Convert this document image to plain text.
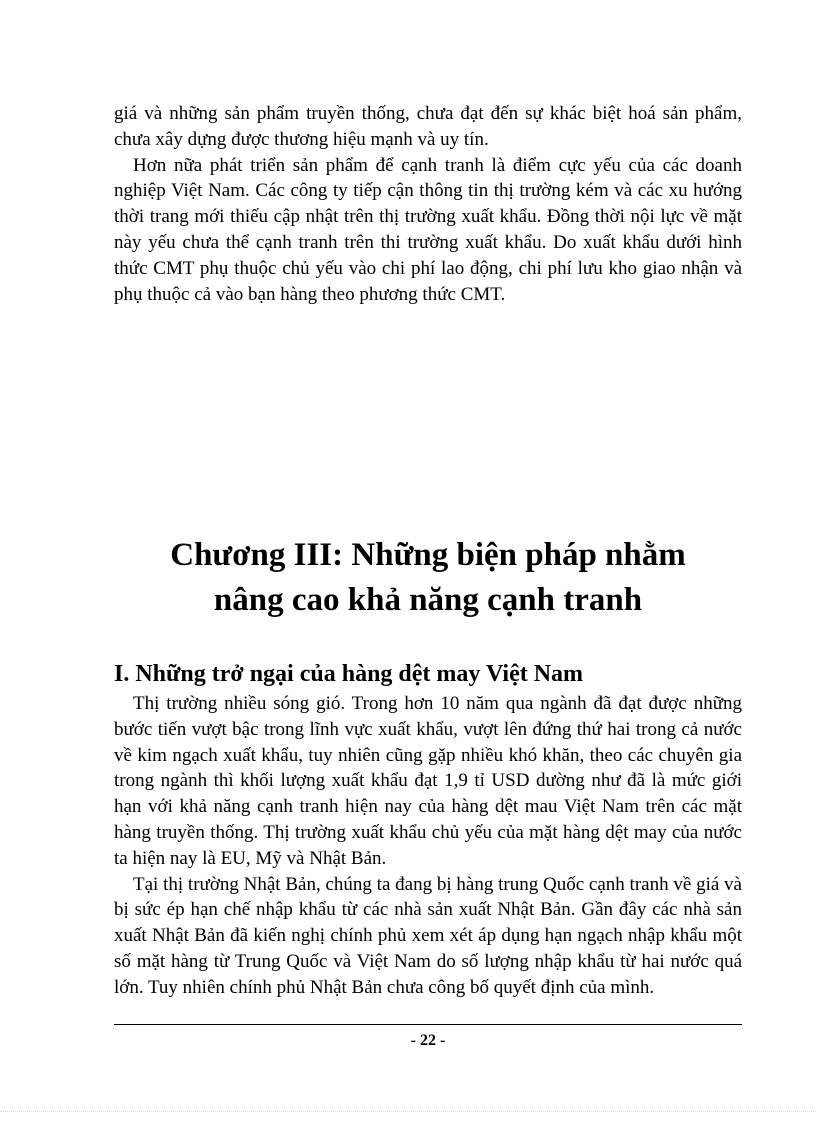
giá và những sản phẩm truyền thống, chưa đạt đến sự khác biệt hoá sản phẩm, chưa xây dựng được thương hiệu mạnh và uy tín.

Hơn nữa phát triển sản phẩm để cạnh tranh là điểm cực yếu của các doanh nghiệp Việt Nam. Các công ty tiếp cận thông tin thị trường kém và các xu hướng thời trang mới thiếu cập nhật trên thị trường xuất khẩu. Đồng thời nội lực về mặt này yếu chưa thể cạnh tranh trên thi trường xuất khẩu. Do xuất khẩu dưới hình thức CMT phụ thuộc chủ yếu vào chi phí lao động, chi phí lưu kho giao nhận và phụ thuộc cả vào bạn hàng theo phương thức CMT.

Chương III: Những biện pháp nhằm
nâng cao khả năng cạnh tranh
I. Những trở ngại của hàng dệt may Việt Nam

Thị trường nhiều sóng gió. Trong hơn 10 năm qua ngành đã đạt được những bước tiến vượt bậc trong lĩnh vực xuất khẩu, vượt lên đứng thứ hai trong cả nước về kim ngạch xuất khẩu, tuy nhiên cũng gặp nhiều khó khăn, theo các chuyên gia trong ngành thì khối lượng xuất khẩu đạt 1,9 tỉ USD dường như đã là mức giới hạn với khả năng cạnh tranh hiện nay của hàng dệt mau Việt Nam trên các mặt hàng truyền thống. Thị trường xuất khẩu chủ yếu của mặt hàng dệt may của nước ta hiện nay là EU, Mỹ và Nhật Bản.

Tại thị trường Nhật Bản, chúng ta đang bị hàng trung Quốc cạnh tranh về giá và bị sức ép hạn chế nhập khẩu từ các nhà sản xuất Nhật Bản. Gần đây các nhà sản xuất Nhật Bản đã kiến nghị chính phủ xem xét áp dụng hạn ngạch nhập khẩu một số mặt hàng từ Trung Quốc và Việt Nam do số lượng nhập khẩu từ hai nước quá lớn. Tuy nhiên chính phủ Nhật Bản chưa công bố quyết định của mình.

- 22 -
